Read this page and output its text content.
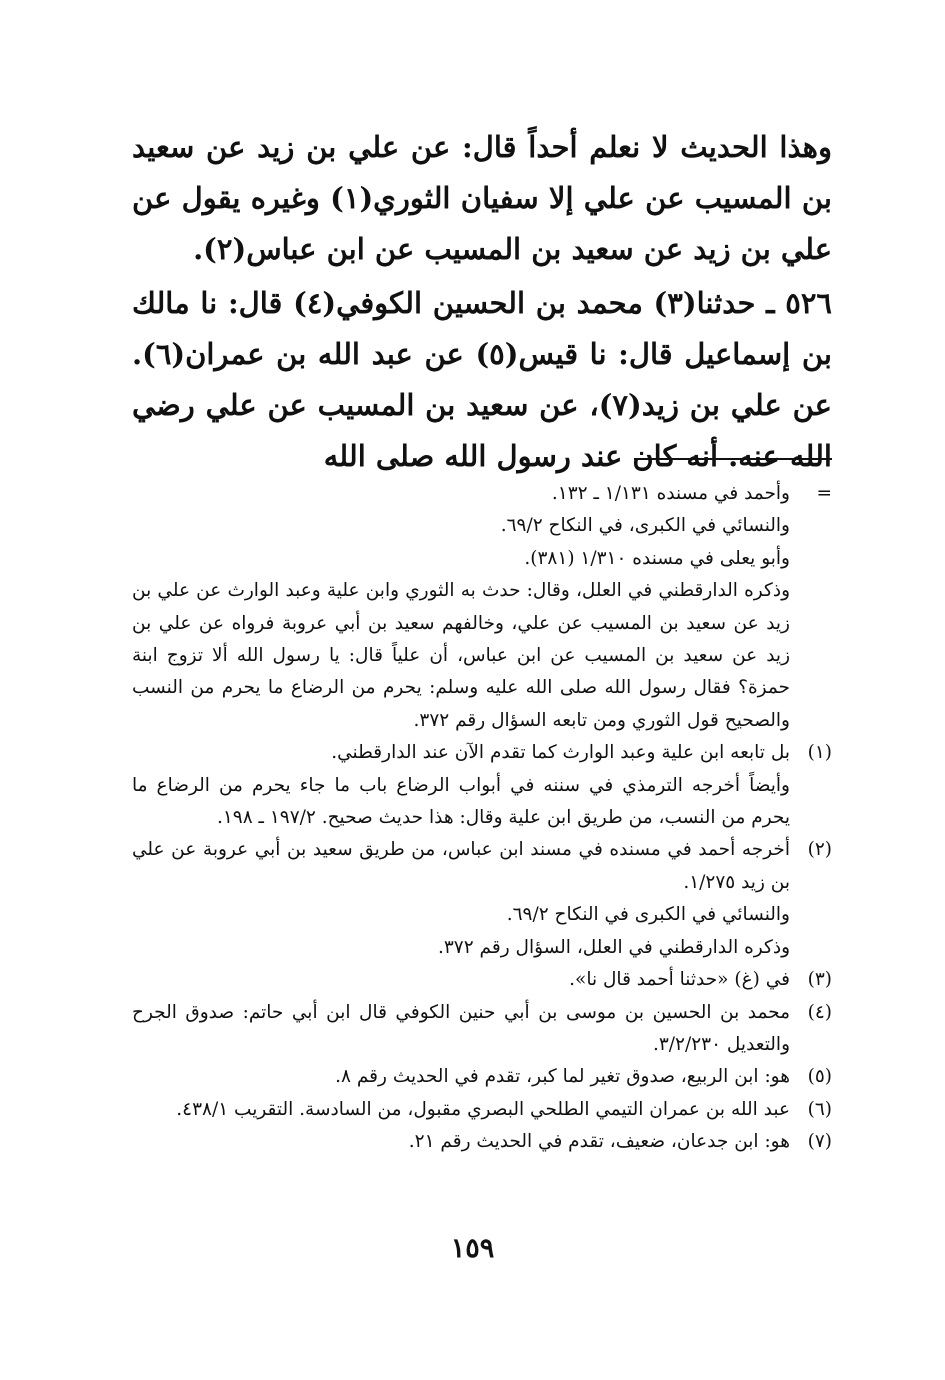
وهذا الحديث لا نعلم أحداً قال: عن علي بن زيد عن سعيد بن المسيب عن علي إلا سفيان الثوري(١) وغيره يقول عن علي بن زيد عن سعيد بن المسيب عن ابن عباس(٢).

٥٢٦ ـ حدثنا(٣) محمد بن الحسين الكوفي(٤) قال: نا مالك بن إسماعيل قال: نا قيس(٥) عن عبد الله بن عمران(٦). عن علي بن زيد(٧)، عن سعيد بن المسيب عن علي رضي الله عنه. أنه كان عند رسول الله صلى الله

=
وأحمد في مسنده ١/١٣١ ـ ١٣٢.
والنسائي في الكبرى، في النكاح ٦٩/٢.
وأبو يعلى في مسنده ١/٣١٠ (٣٨١).
وذكره الدارقطني في العلل، وقال: حدث به الثوري وابن علية وعبد الوارث عن علي بن زيد عن سعيد بن المسيب عن علي، وخالفهم سعيد بن أبي عروبة فرواه عن علي بن زيد عن سعيد بن المسيب عن ابن عباس، أن علياً قال: يا رسول الله ألا تزوج ابنة حمزة؟ فقال رسول الله صلى الله عليه وسلم: يحرم من الرضاع ما يحرم من النسب والصحيح قول الثوري ومن تابعه السؤال رقم ٣٧٢.
(١)
بل تابعه ابن علية وعبد الوارث كما تقدم الآن عند الدارقطني.
وأيضاً أخرجه الترمذي في سننه في أبواب الرضاع باب ما جاء يحرم من الرضاع ما يحرم من النسب، من طريق ابن علية وقال: هذا حديث صحيح. ١٩٧/٢ ـ ١٩٨.
(٢)
أخرجه أحمد في مسنده في مسند ابن عباس، من طريق سعيد بن أبي عروبة عن علي بن زيد ١/٢٧٥.
والنسائي في الكبرى في النكاح ٦٩/٢.
وذكره الدارقطني في العلل، السؤال رقم ٣٧٢.
(٣)
في (غ) «حدثنا أحمد قال نا».
(٤)
محمد بن الحسين بن موسى بن أبي حنين الكوفي قال ابن أبي حاتم: صدوق الجرح والتعديل ٣/٢/٢٣٠.
(٥)
هو: ابن الربيع، صدوق تغير لما كبر، تقدم في الحديث رقم ٨.
(٦)
عبد الله بن عمران التيمي الطلحي البصري مقبول، من السادسة. التقريب ٤٣٨/١.
(٧)
هو: ابن جدعان، ضعيف، تقدم في الحديث رقم ٢١.
١٥٩
